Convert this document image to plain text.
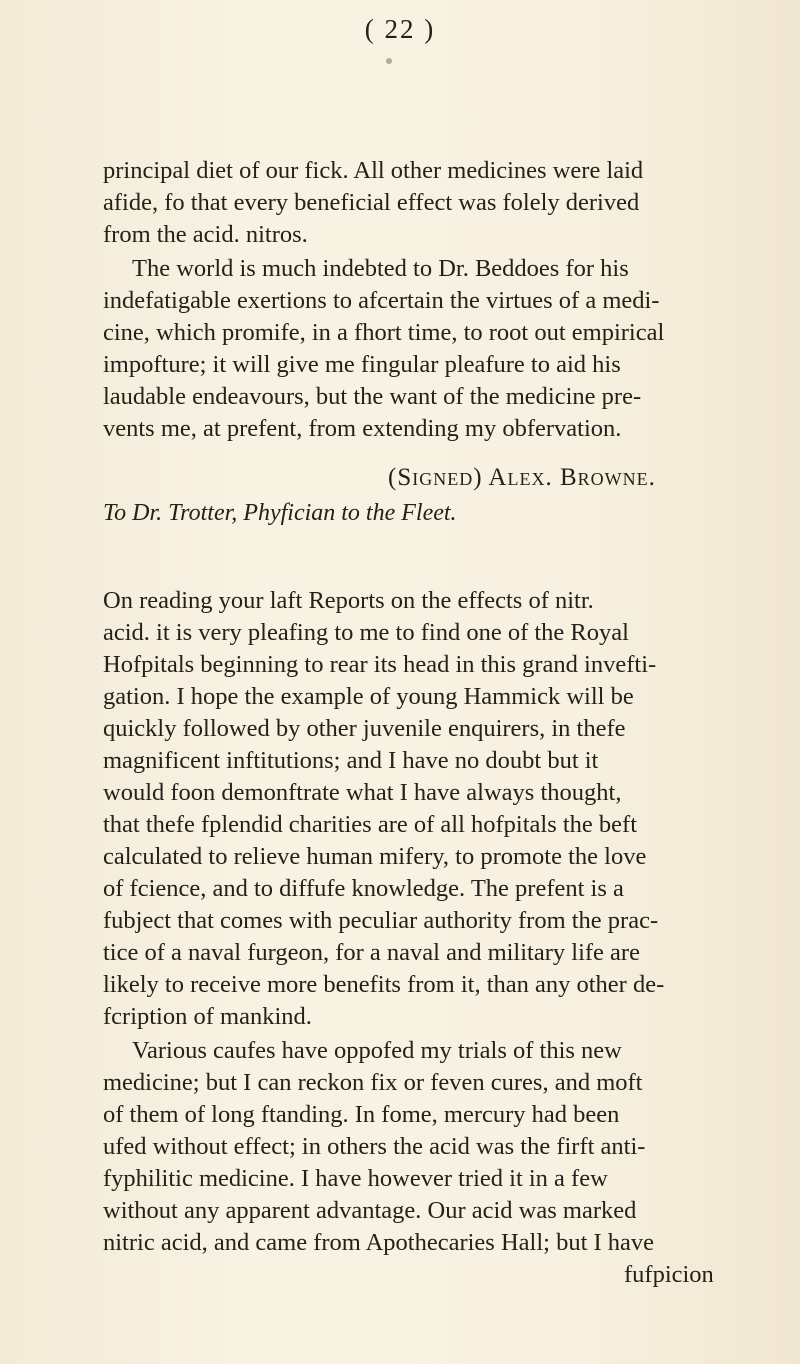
( 22 )
principal diet of our fick. All other medicines were laid
afide, fo that every beneficial effect was folely derived
from the acid. nitros.
The world is much indebted to Dr. Beddoes for his
indefatigable exertions to afcertain the virtues of a medi-
cine, which promife, in a fhort time, to root out empirical
impofture; it will give me fingular pleafure to aid his
laudable endeavours, but the want of the medicine pre-
vents me, at prefent, from extending my obfervation.
(Signed) Alex. Browne.
To Dr. Trotter, Phyfician to the Fleet.
On reading your laft Reports on the effects of nitr.
acid. it is very pleafing to me to find one of the Royal
Hofpitals beginning to rear its head in this grand inveftі-
gation. I hope the example of young Hammick will be
quickly followed by other juvenile enquirers, in thefe
magnificent inftitutions; and I have no doubt but it
would foon demonftrate what I have always thought,
that thefe fplendid charities are of all hofpitals the beft
calculated to relieve human mifery, to promote the love
of fcience, and to diffufe knowledge. The prefent is a
fubject that comes with peculiar authority from the prac-
tice of a naval furgeon, for a naval and military life are
likely to receive more benefits from it, than any other de-
fcription of mankind.
Various caufes have oppofed my trials of this new
medicine; but I can reckon fix or feven cures, and moft
of them of long ftanding. In fome, mercury had been
ufed without effect; in others the acid was the firft anti-
fyphilitic medicine. I have however tried it in a few
without any apparent advantage. Our acid was marked
nitric acid, and came from Apothecaries Hall; but I have
fufpicion
